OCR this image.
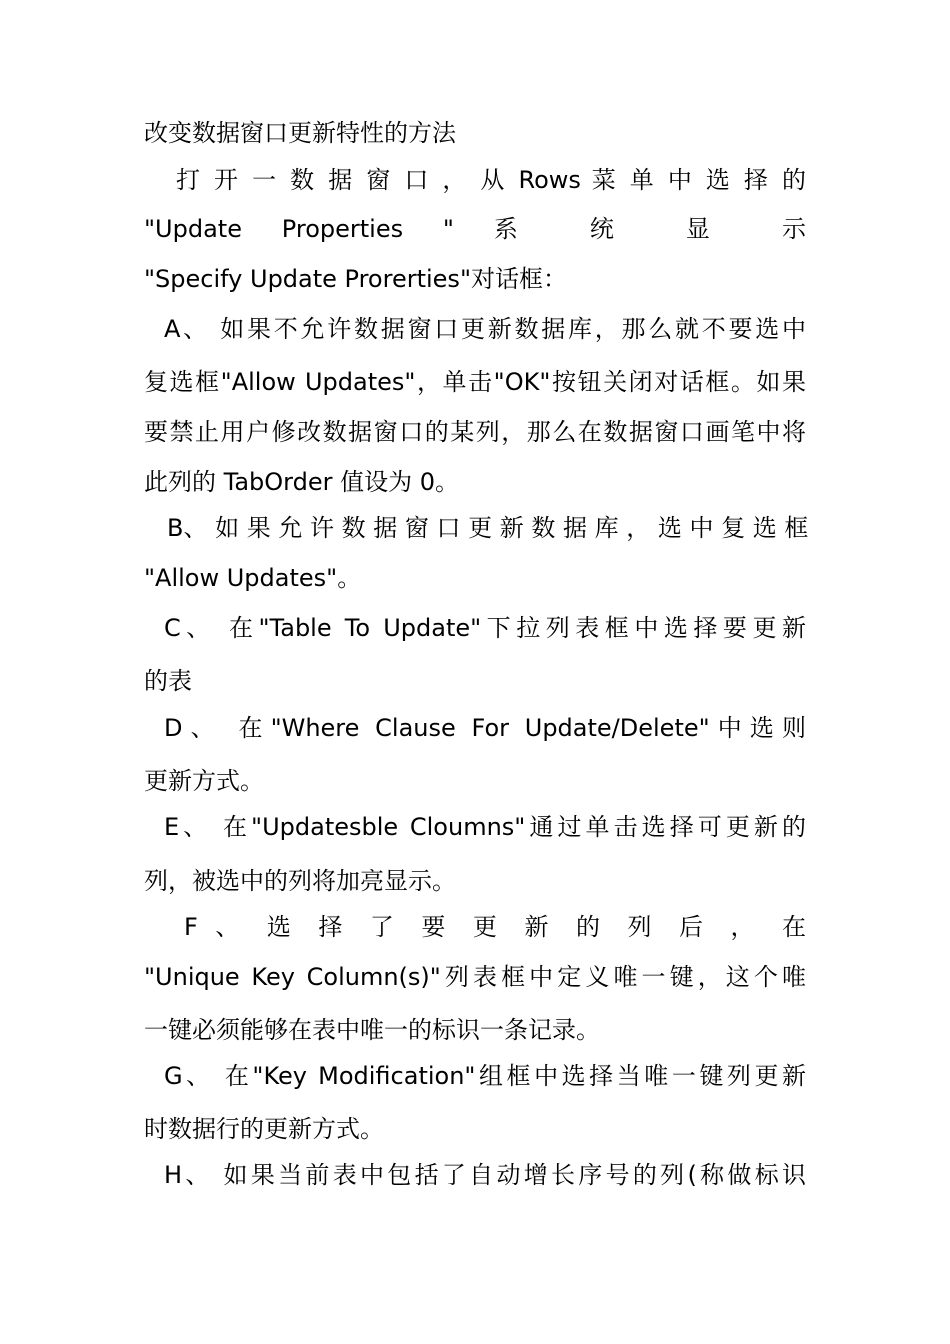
改变数据窗口更新特性的方法
打 开 一 数 据 窗 口 ， 从 Rows 菜 单 中 选 择 的
"Update Properties " 系 统 显 示
"Specify Update Prorerties"对话框：
A、 如果不允许数据窗口更新数据库，那么就不要选中
复选框"Allow Updates"，单击"OK"按钮关闭对话框。如果
要禁止用户修改数据窗口的某列，那么在数据窗口画笔中将
此列的 TabOrder 值设为 0。
B、 如 果 允 许 数 据 窗 口 更 新 数 据 库 ， 选 中 复 选 框
"Allow Updates"。
C、 在"Table To Update"下拉列表框中选择要更新
的表
D、 在"Where Clause For Update/Delete"中选则
更新方式。
E、 在"Updatesble Cloumns"通过单击选择可更新的
列，被选中的列将加亮显示。
F 、 选 择 了 要 更 新 的 列 后 ， 在
"Unique Key Column(s)"列表框中定义唯一键，这个唯
一键必须能够在表中唯一的标识一条记录。
G、 在"Key Modification"组框中选择当唯一键列更新
时数据行的更新方式。
H、 如果当前表中包括了自动增长序号的列(称做标识
